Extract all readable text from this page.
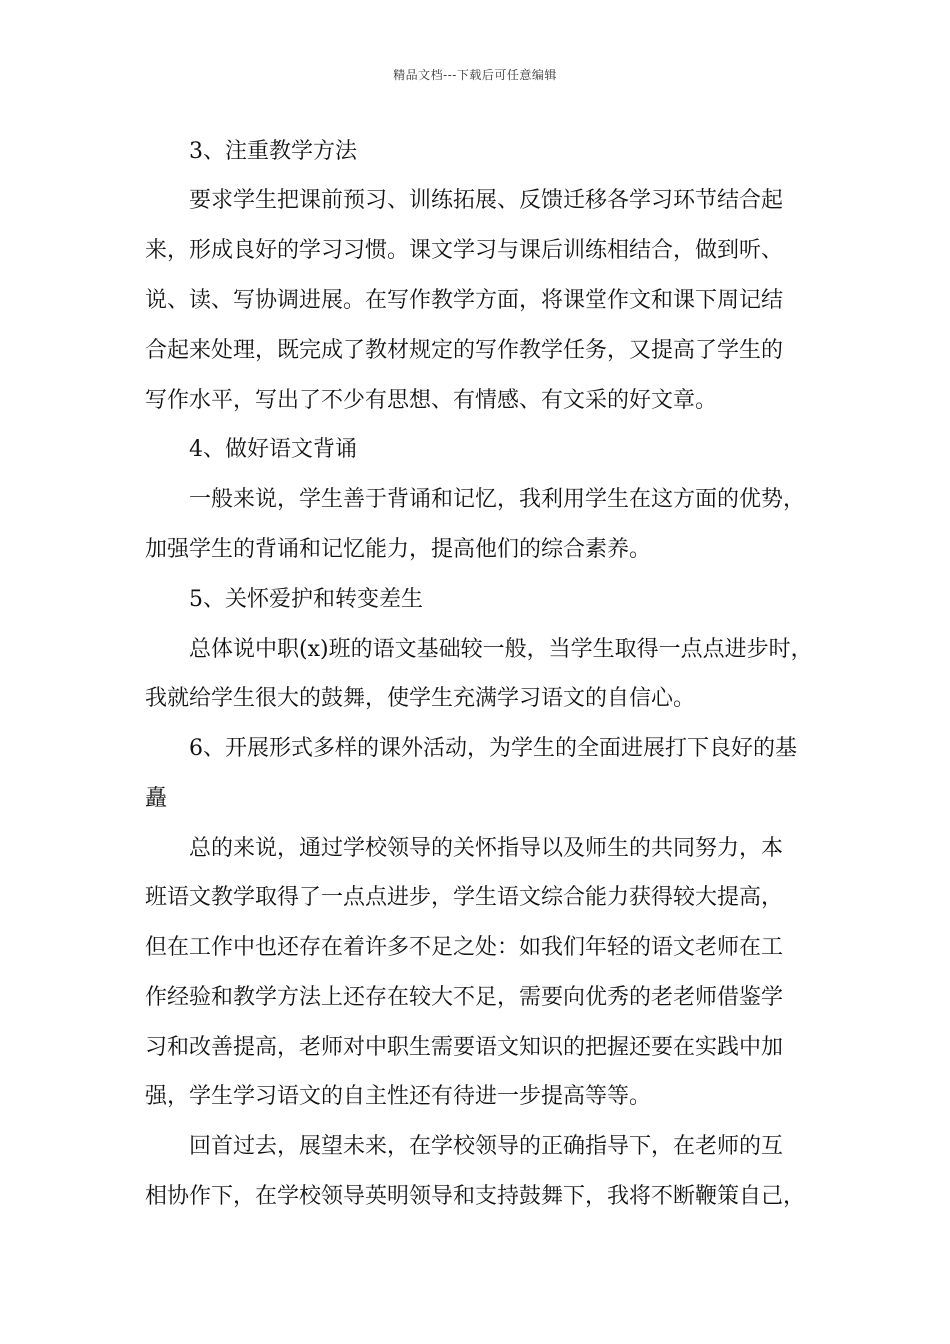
精品文档---下载后可任意编辑
3、注重教学方法
要求学生把课前预习、训练拓展、反馈迁移各学习环节结合起
来，形成良好的学习习惯。课文学习与课后训练相结合，做到听、
说、读、写协调进展。在写作教学方面，将课堂作文和课下周记结
合起来处理，既完成了教材规定的写作教学任务，又提高了学生的
写作水平，写出了不少有思想、有情感、有文采的好文章。
4、做好语文背诵
一般来说，学生善于背诵和记忆，我利用学生在这方面的优势，
加强学生的背诵和记忆能力，提高他们的综合素养。
5、关怀爱护和转变差生
总体说中职(x)班的语文基础较一般，当学生取得一点点进步时，
我就给学生很大的鼓舞，使学生充满学习语文的自信心。
6、开展形式多样的课外活动，为学生的全面进展打下良好的基
矗
总的来说，通过学校领导的关怀指导以及师生的共同努力，本
班语文教学取得了一点点进步，学生语文综合能力获得较大提高，
但在工作中也还存在着许多不足之处：如我们年轻的语文老师在工
作经验和教学方法上还存在较大不足，需要向优秀的老老师借鉴学
习和改善提高，老师对中职生需要语文知识的把握还要在实践中加
强，学生学习语文的自主性还有待进一步提高等等。
回首过去，展望未来，在学校领导的正确指导下，在老师的互
相协作下，在学校领导英明领导和支持鼓舞下，我将不断鞭策自己，
